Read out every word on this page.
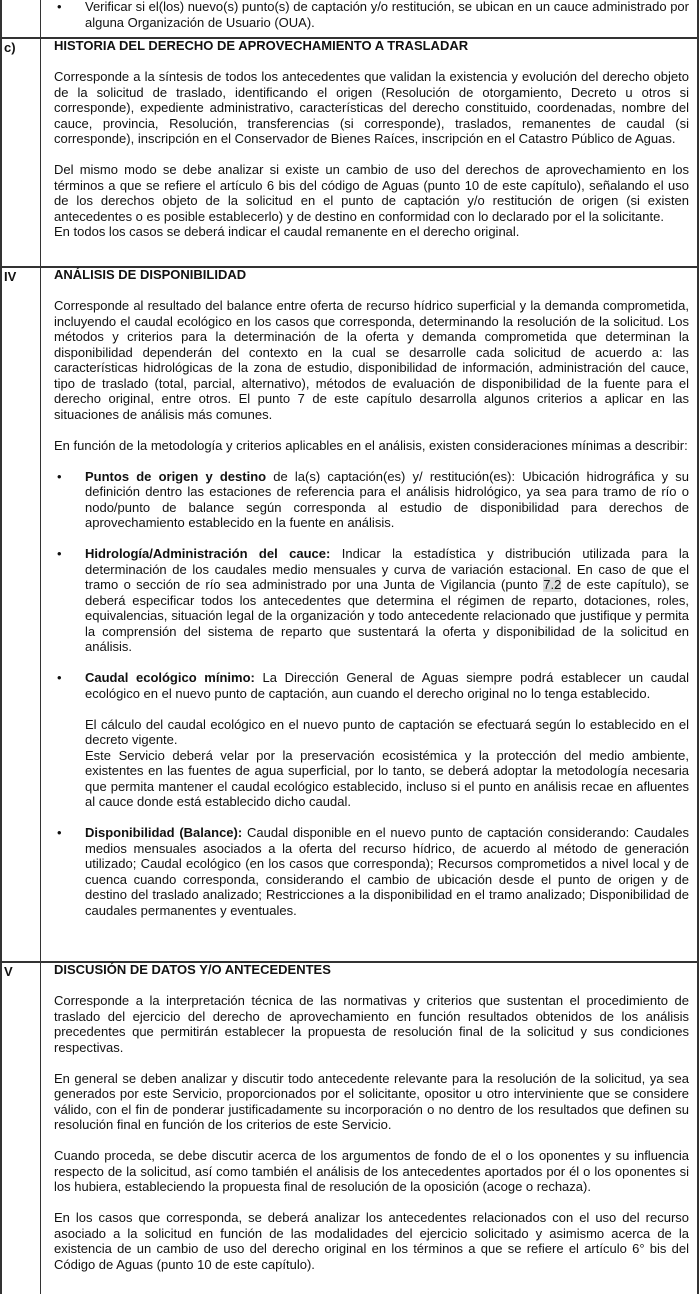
• Verificar si el(los) nuevo(s) punto(s) de captación y/o restitución, se ubican en un cauce administrado por alguna Organización de Usuario (OUA).
c)	HISTORIA DEL DERECHO DE APROVECHAMIENTO A TRASLADAR

Corresponde a la síntesis de todos los antecedentes que validan la existencia y evolución del derecho objeto de la solicitud de traslado, identificando el origen (Resolución de otorgamiento, Decreto u otros si corresponde), expediente administrativo, características del derecho constituido, coordenadas, nombre del cauce, provincia, Resolución, transferencias (si corresponde), traslados, remanentes de caudal (si corresponde), inscripción en el Conservador de Bienes Raíces, inscripción en el Catastro Público de Aguas.

Del mismo modo se debe analizar si existe un cambio de uso del derechos de aprovechamiento en los términos a que se refiere el artículo 6 bis del código de Aguas (punto 10 de este capítulo), señalando el uso de los derechos objeto de la solicitud en el punto de captación y/o restitución de origen (si existen antecedentes o es posible establecerlo) y de destino en conformidad con lo declarado por el la solicitante.

En todos los casos se deberá indicar el caudal remanente en el derecho original.

IV	ANÁLISIS DE DISPONIBILIDAD

Corresponde al resultado del balance entre oferta de recurso hídrico superficial y la demanda comprometida, incluyendo el caudal ecológico en los casos que corresponda, determinando la resolución de la solicitud. Los métodos y criterios para la determinación de la oferta y demanda comprometida que determinan la disponibilidad dependerán del contexto en la cual se desarrolle cada solicitud de acuerdo a: las características hidrológicas de la zona de estudio, disponibilidad de información, administración del cauce, tipo de traslado (total, parcial, alternativo), métodos de evaluación de disponibilidad de la fuente para el derecho original, entre otros. El punto 7 de este capítulo desarrolla algunos criterios a aplicar en las situaciones de análisis más comunes.

En función de la metodología y criterios aplicables en el análisis, existen consideraciones mínimas a describir:

• Puntos de origen y destino de la(s) captación(es) y/ restitución(es): Ubicación hidrográfica y su definición dentro las estaciones de referencia para el análisis hidrológico, ya sea para tramo de río o nodo/punto de balance según corresponda al estudio de disponibilidad para derechos de aprovechamiento establecido en la fuente en análisis.
• Hidrología/Administración del cauce: Indicar la estadística y distribución utilizada para la determinación de los caudales medio mensuales y curva de variación estacional. En caso de que el tramo o sección de río sea administrado por una Junta de Vigilancia (punto 7.2 de este capítulo), se deberá especificar todos los antecedentes que determina el régimen de reparto, dotaciones, roles, equivalencias, situación legal de la organización y todo antecedente relacionado que justifique y permita la comprensión del sistema de reparto que sustentará la oferta y disponibilidad de la solicitud en análisis.
• Caudal ecológico mínimo: La Dirección General de Aguas siempre podrá establecer un caudal ecológico en el nuevo punto de captación, aun cuando el derecho original no lo tenga establecido.

El cálculo del caudal ecológico en el nuevo punto de captación se efectuará según lo establecido en el decreto vigente.

Este Servicio deberá velar por la preservación ecosistémica y la protección del medio ambiente, existentes en las fuentes de agua superficial, por lo tanto, se deberá adoptar la metodología necesaria que permita mantener el caudal ecológico establecido, incluso si el punto en análisis recae en afluentes al cauce donde está establecido dicho caudal.

• Disponibilidad (Balance): Caudal disponible en el nuevo punto de captación considerando: Caudales medios mensuales asociados a la oferta del recurso hídrico, de acuerdo al método de generación utilizado; Caudal ecológico (en los casos que corresponda); Recursos comprometidos a nivel local y de cuenca cuando corresponda, considerando el cambio de ubicación desde el punto de origen y de destino del traslado analizado; Restricciones a la disponibilidad en el tramo analizado; Disponibilidad de caudales permanentes y eventuales.
V	DISCUSIÓN DE DATOS Y/O ANTECEDENTES

Corresponde a la interpretación técnica de las normativas y criterios que sustentan el procedimiento de traslado del ejercicio del derecho de aprovechamiento en función resultados obtenidos de los análisis precedentes que permitirán establecer la propuesta de resolución final de la solicitud y sus condiciones respectivas.

En general se deben analizar y discutir todo antecedente relevante para la resolución de la solicitud, ya sea generados por este Servicio, proporcionados por el solicitante, opositor u otro interviniente que se considere válido, con el fin de ponderar justificadamente su incorporación o no dentro de los resultados que definen su resolución final en función de los criterios de este Servicio.

Cuando proceda, se debe discutir acerca de los argumentos de fondo de el o los oponentes y su influencia respecto de la solicitud, así como también el análisis de los antecedentes aportados por él o los oponentes si los hubiera, estableciendo la propuesta final de resolución de la oposición (acoge o rechaza).

En los casos que corresponda, se deberá analizar los antecedentes relacionados con el uso del recurso asociado a la solicitud en función de las modalidades del ejercicio solicitado y asimismo acerca de la existencia de un cambio de uso del derecho original en los términos a que se refiere el artículo 6° bis del Código de Aguas (punto 10 de este capítulo).
